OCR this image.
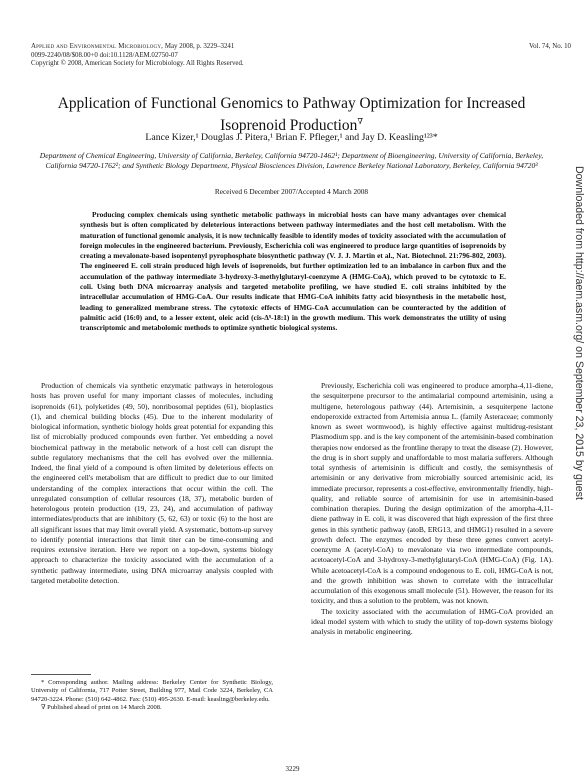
Applied and Environmental Microbiology, May 2008, p. 3229–3241	Vol. 74, No. 10
0099-2240/08/$08.00+0 doi:10.1128/AEM.02750-07
Copyright © 2008, American Society for Microbiology. All Rights Reserved.
Application of Functional Genomics to Pathway Optimization for Increased Isoprenoid Production∇
Lance Kizer,¹ Douglas J. Pitera,¹ Brian F. Pfleger,¹ and Jay D. Keasling¹²³*
Department of Chemical Engineering, University of California, Berkeley, California 94720-1462¹; Department of Bioengineering, University of California, Berkeley, California 94720-1762²; and Synthetic Biology Department, Physical Biosciences Division, Lawrence Berkeley National Laboratory, Berkeley, California 94720³
Received 6 December 2007/Accepted 4 March 2008
Producing complex chemicals using synthetic metabolic pathways in microbial hosts can have many advantages over chemical synthesis but is often complicated by deleterious interactions between pathway intermediates and the host cell metabolism. With the maturation of functional genomic analysis, it is now technically feasible to identify modes of toxicity associated with the accumulation of foreign molecules in the engineered bacterium. Previously, Escherichia coli was engineered to produce large quantities of isoprenoids by creating a mevalonate-based isopentenyl pyrophosphate biosynthetic pathway (V. J. J. Martin et al., Nat. Biotechnol. 21:796-802, 2003). The engineered E. coli strain produced high levels of isoprenoids, but further optimization led to an imbalance in carbon flux and the accumulation of the pathway intermediate 3-hydroxy-3-methylglutaryl-coenzyme A (HMG-CoA), which proved to be cytotoxic to E. coli. Using both DNA microarray analysis and targeted metabolite profiling, we have studied E. coli strains inhibited by the intracellular accumulation of HMG-CoA. Our results indicate that HMG-CoA inhibits fatty acid biosynthesis in the metabolic host, leading to generalized membrane stress. The cytotoxic effects of HMG-CoA accumulation can be counteracted by the addition of palmitic acid (16:0) and, to a lesser extent, oleic acid (cis-Δ⁹-18:1) in the growth medium. This work demonstrates the utility of using transcriptomic and metabolomic methods to optimize synthetic biological systems.
Production of chemicals via synthetic enzymatic pathways in heterologous hosts has proven useful for many important classes of molecules, including isoprenoids (61), polyketides (49, 50), nonribosomal peptides (61), bioplastics (1), and chemical building blocks (45). Due to the inherent modularity of biological information, synthetic biology holds great potential for expanding this list of microbially produced compounds even further. Yet embedding a novel biochemical pathway in the metabolic network of a host cell can disrupt the subtle regulatory mechanisms that the cell has evolved over the millennia. Indeed, the final yield of a compound is often limited by deleterious effects on the engineered cell's metabolism that are difficult to predict due to our limited understanding of the complex interactions that occur within the cell. The unregulated consumption of cellular resources (18, 37), metabolic burden of heterologous protein production (19, 23, 24), and accumulation of pathway intermediates/products that are inhibitory (5, 62, 63) or toxic (6) to the host are all significant issues that may limit overall yield. A systematic, bottom-up survey to identify potential interactions that limit titer can be time-consuming and requires extensive iteration. Here we report on a top-down, systems biology approach to characterize the toxicity associated with the accumulation of a synthetic pathway intermediate, using DNA microarray analysis coupled with targeted metabolite detection.

Previously, Escherichia coli was engineered to produce amorpha-4,11-diene, the sesquiterpene precursor to the antimalarial compound artemisinin, using a multigene, heterologous pathway (44). Artemisinin, a sesquiterpene lactone endoperoxide extracted from Artemisia annua L. (family Asteraceae; commonly known as sweet wormwood), is highly effective against multidrug-resistant Plasmodium spp. and is the key component of the artemisinin-based combination therapies now endorsed as the frontline therapy to treat the disease (2). However, the drug is in short supply and unaffordable to most malaria sufferers. Although total synthesis of artemisinin is difficult and costly, the semisynthesis of artemisinin or any derivative from microbially sourced artemisinic acid, its immediate precursor, represents a cost-effective, environmentally friendly, high-quality, and reliable source of artemisinin for use in artemisinin-based combination therapies. During the design optimization of the amorpha-4,11-diene pathway in E. coli, it was discovered that high expression of the first three genes in this synthetic pathway (atoB, ERG13, and tHMG1) resulted in a severe growth defect. The enzymes encoded by these three genes convert acetyl-coenzyme A (acetyl-CoA) to mevalonate via two intermediate compounds, acetoacetyl-CoA and 3-hydroxy-3-methylglutaryl-CoA (HMG-CoA) (Fig. 1A). While acetoacetyl-CoA is a compound endogenous to E. coli, HMG-CoA is not, and the growth inhibition was shown to correlate with the intracellular accumulation of this exogenous small molecule (51). However, the reason for its toxicity, and thus a solution to the problem, was not known.

The toxicity associated with the accumulation of HMG-CoA provided an ideal model system with which to study the utility of top-down systems biology analysis in metabolic engineering.

* Corresponding author. Mailing address: Berkeley Center for Synthetic Biology, University of California, 717 Potter Street, Building 977, Mail Code 3224, Berkeley, CA 94720-3224. Phone: (510) 642-4862. Fax: (510) 495-2630. E-mail: keasling@berkeley.edu.

∇ Published ahead of print on 14 March 2008.

3229
Downloaded from http://aem.asm.org/ on September 23, 2015 by guest
